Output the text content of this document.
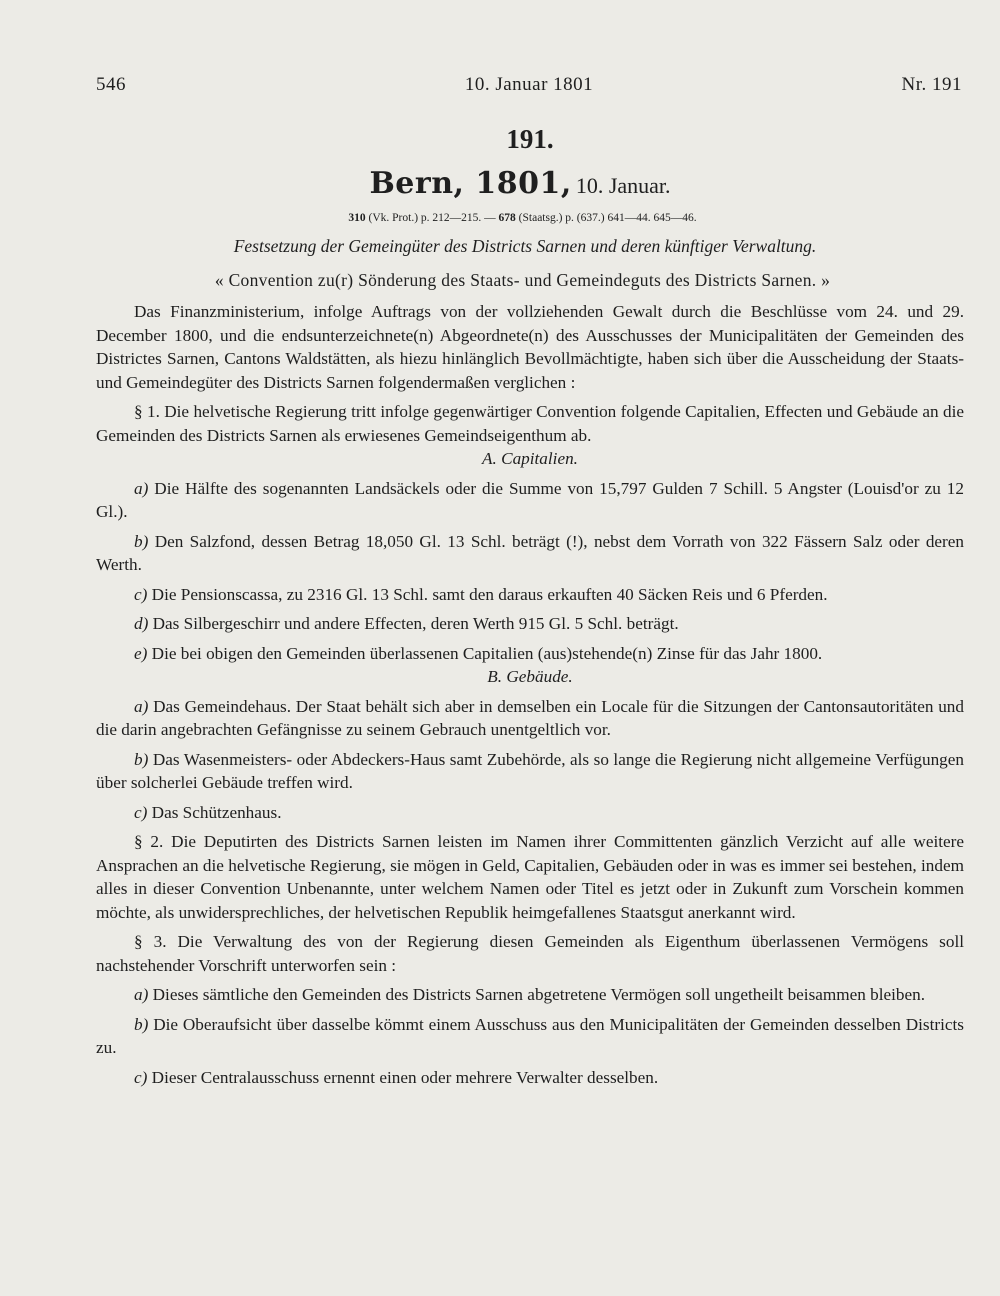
546	10. Januar 1801	Nr. 191
191.
Bern, 1801, 10. Januar.
310 (Vk. Prot.) p. 212—215. — 678 (Staatsg.) p. (637.) 641—44. 645—46.
Festsetzung der Gemeingüter des Districts Sarnen und deren künftiger Verwaltung.
« Convention zu(r) Sönderung des Staats- und Gemeindeguts des Districts Sarnen. »

Das Finanzministerium, infolge Auftrags von der vollziehenden Gewalt durch die Beschlüsse vom 24. und 29. December 1800, und die endsunterzeichnete(n) Abgeordnete(n) des Ausschusses der Municipalitäten der Gemeinden des Districtes Sarnen, Cantons Waldstätten, als hiezu hinlänglich Bevollmächtigte, haben sich über die Ausscheidung der Staats- und Gemeindegüter des Districts Sarnen folgendermaßen verglichen :

§ 1. Die helvetische Regierung tritt infolge gegenwärtiger Convention folgende Capitalien, Effecten und Gebäude an die Gemeinden des Districts Sarnen als erwiesenes Gemeindseigenthum ab.

A. Capitalien.

a) Die Hälfte des sogenannten Landsäckels oder die Summe von 15,797 Gulden 7 Schill. 5 Angster (Louisd'or zu 12 Gl.).

b) Den Salzfond, dessen Betrag 18,050 Gl. 13 Schl. beträgt (!), nebst dem Vorrath von 322 Fässern Salz oder deren Werth.

c) Die Pensionscassa, zu 2316 Gl. 13 Schl. samt den daraus erkauften 40 Säcken Reis und 6 Pferden.

d) Das Silbergeschirr und andere Effecten, deren Werth 915 Gl. 5 Schl. beträgt.

e) Die bei obigen den Gemeinden überlassenen Capitalien (aus)stehende(n) Zinse für das Jahr 1800.

B. Gebäude.

a) Das Gemeindehaus. Der Staat behält sich aber in demselben ein Locale für die Sitzungen der Cantonsautoritäten und die darin angebrachten Gefängnisse zu seinem Gebrauch unentgeltlich vor.

b) Das Wasenmeisters- oder Abdeckers-Haus samt Zubehörde, als so lange die Regierung nicht allgemeine Verfügungen über solcherlei Gebäude treffen wird.

c) Das Schützenhaus.

§ 2. Die Deputirten des Districts Sarnen leisten im Namen ihrer Committenten gänzlich Verzicht auf alle weitere Ansprachen an die helvetische Regierung, sie mögen in Geld, Capitalien, Gebäuden oder in was es immer sei bestehen, indem alles in dieser Convention Unbenannte, unter welchem Namen oder Titel es jetzt oder in Zukunft zum Vorschein kommen möchte, als unwidersprechliches, der helvetischen Republik heimgefallenes Staatsgut anerkannt wird.

§ 3. Die Verwaltung des von der Regierung diesen Gemeinden als Eigenthum überlassenen Vermögens soll nachstehender Vorschrift unterworfen sein :

a) Dieses sämtliche den Gemeinden des Districts Sarnen abgetretene Vermögen soll ungetheilt beisammen bleiben.

b) Die Oberaufsicht über dasselbe kömmt einem Ausschuss aus den Municipalitäten der Gemeinden desselben Districts zu.

c) Dieser Centralausschuss ernennt einen oder mehrere Verwalter desselben.
